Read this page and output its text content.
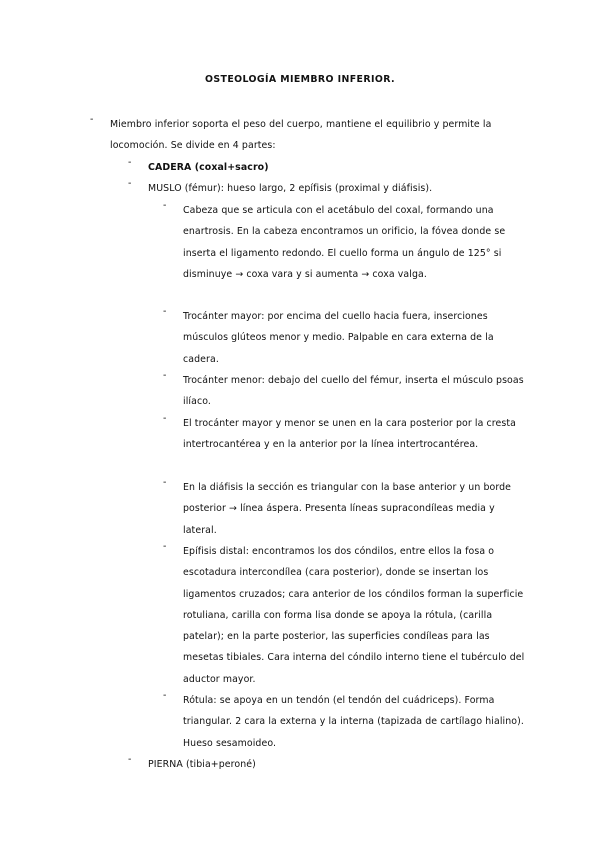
OSTEOLOGÍA MIEMBRO INFERIOR.
- Miembro inferior soporta el peso del cuerpo, mantiene el equilibrio y permite la locomoción. Se divide en 4 partes:
- CADERA (coxal+sacro)
- MUSLO (fémur): hueso largo, 2 epífisis (proximal y diáfisis).
- Cabeza que se articula con el acetábulo del coxal, formando una enartrosis. En la cabeza encontramos un orificio, la fóvea donde se inserta el ligamento redondo. El cuello forma un ángulo de 125° si disminuye → coxa vara y si aumenta → coxa valga.
- Trocánter mayor: por encima del cuello hacia fuera, inserciones músculos glúteos menor y medio. Palpable en cara externa de la cadera.
- Trocánter menor: debajo del cuello del fémur, inserta el músculo psoas ilíaco.
- El trocánter mayor y menor se unen en la cara posterior por la cresta intertrocantérea y en la anterior por la línea intertrocantérea.
- En la diáfisis la sección es triangular con la base anterior y un borde posterior → línea áspera. Presenta líneas supracondíleas media y lateral.
- Epífisis distal: encontramos los dos cóndilos, entre ellos la fosa o escotadura intercondílea (cara posterior), donde se insertan los ligamentos cruzados; cara anterior de los cóndilos forman la superficie rotuliana, carilla con forma lisa donde se apoya la rótula, (carilla patelar); en la parte posterior, las superficies condíleas para las mesetas tibiales. Cara interna del cóndilo interno tiene el tubérculo del aductor mayor.
- Rótula: se apoya en un tendón (el tendón del cuádriceps). Forma triangular. 2 cara la externa y la interna (tapizada de cartílago hialino). Hueso sesamoideo.
- PIERNA (tibia+peroné)
